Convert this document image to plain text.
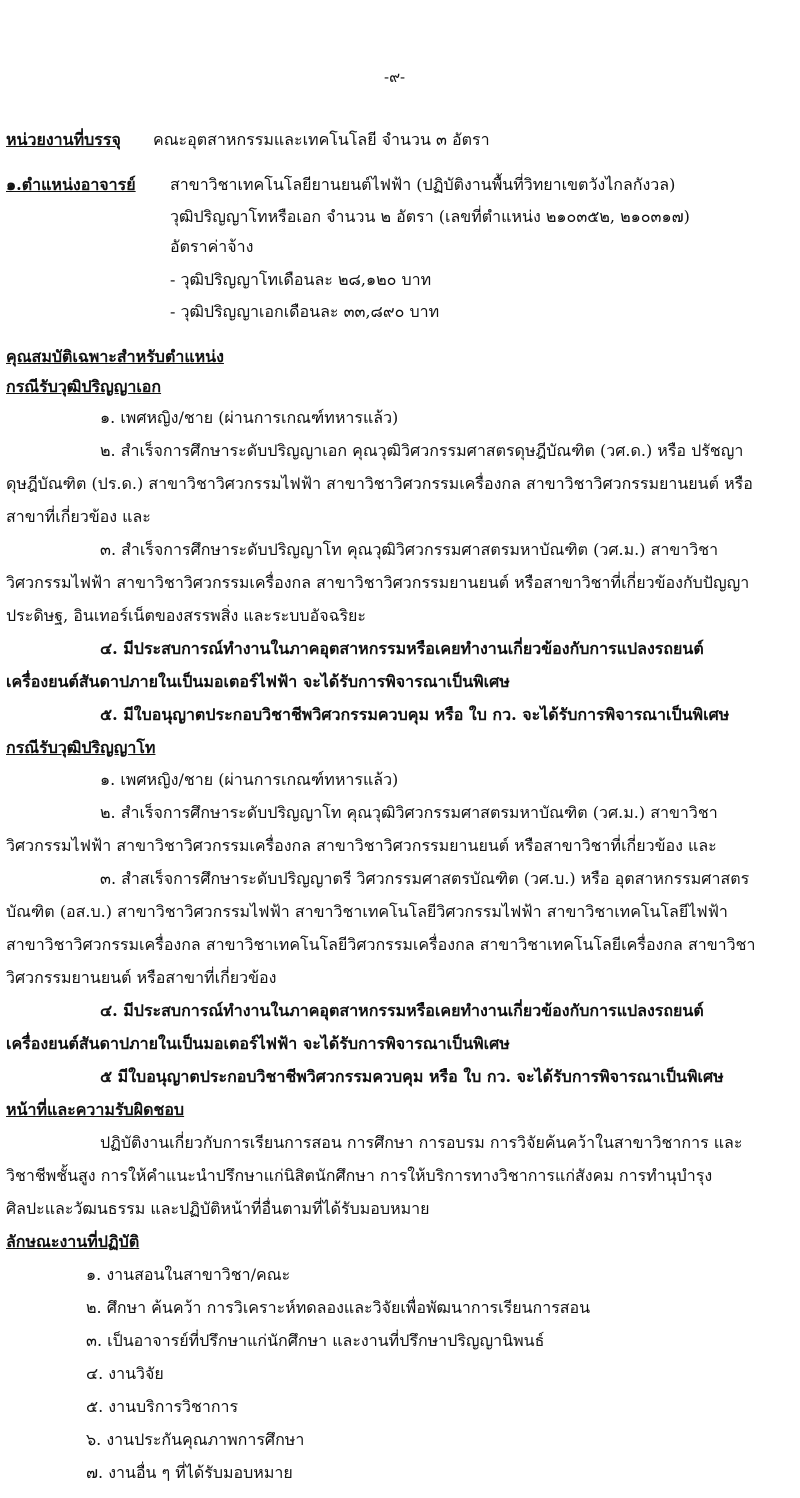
-๙-
หน่วยงานที่บรรจุ คณะอุตสาหกรรมและเทคโนโลยี จำนวน ๓ อัตรา
๑.ตำแหน่งอาจารย์ สาขาวิชาเทคโนโลยียานยนต์ไฟฟ้า (ปฏิบัติงานพื้นที่วิทยาเขตวังไกลกังวล)
วุฒิปริญญาโทหรือเอก จำนวน ๒ อัตรา (เลขที่ตำแหน่ง ๒๑๐๓๕๒, ๒๑๐๓๑๗)
อัตราค่าจ้าง
- วุฒิปริญญาโทเดือนละ ๒๘,๑๒๐ บาท
- วุฒิปริญญาเอกเดือนละ ๓๓,๘๙๐ บาท
คุณสมบัติเฉพาะสำหรับตำแหน่ง
กรณีรับวุฒิปริญญาเอก
๑. เพศหญิง/ชาย (ผ่านการเกณฑ์ทหารแล้ว)
๒. สำเร็จการศึกษาระดับปริญญาเอก คุณวุฒิวิศวกรรมศาสตรดุษฎีบัณฑิต (วศ.ด.) หรือ ปรัชญา
ดุษฎีบัณฑิต (ปร.ด.) สาขาวิชาวิศวกรรมไฟฟ้า สาขาวิชาวิศวกรรมเครื่องกล สาขาวิชาวิศวกรรมยานยนต์ หรือ
สาขาที่เกี่ยวข้อง และ
๓. สำเร็จการศึกษาระดับปริญญาโท คุณวุฒิวิศวกรรมศาสตรมหาบัณฑิต (วศ.ม.) สาขาวิชา
วิศวกรรมไฟฟ้า สาขาวิชาวิศวกรรมเครื่องกล สาขาวิชาวิศวกรรมยานยนต์ หรือสาขาวิชาที่เกี่ยวข้องกับปัญญา
ประดิษฐ, อินเทอร์เน็ตของสรรพสิ่ง และระบบอัจฉริยะ
๔. มีประสบการณ์ทำงานในภาคอุตสาหกรรมหรือเคยทำงานเกี่ยวข้องกับการแปลงรถยนต์
เครื่องยนต์สันดาปภายในเป็นมอเตอร์ไฟฟ้า จะได้รับการพิจารณาเป็นพิเศษ
๕. มีใบอนุญาตประกอบวิชาชีพวิศวกรรมควบคุม หรือ ใบ กว. จะได้รับการพิจารณาเป็นพิเศษ
กรณีรับวุฒิปริญญาโท
๑. เพศหญิง/ชาย (ผ่านการเกณฑ์ทหารแล้ว)
๒. สำเร็จการศึกษาระดับปริญญาโท คุณวุฒิวิศวกรรมศาสตรมหาบัณฑิต (วศ.ม.) สาขาวิชา
วิศวกรรมไฟฟ้า สาขาวิชาวิศวกรรมเครื่องกล สาขาวิชาวิศวกรรมยานยนต์ หรือสาขาวิชาที่เกี่ยวข้อง และ
๓. สำสเร็จการศึกษาระดับปริญญาตรี วิศวกรรมศาสตรบัณฑิต (วศ.บ.) หรือ อุตสาหกรรมศาสตร
บัณฑิต (อส.บ.) สาขาวิชาวิศวกรรมไฟฟ้า สาขาวิชาเทคโนโลยีวิศวกรรมไฟฟ้า สาขาวิชาเทคโนโลยีไฟฟ้า
สาขาวิชาวิศวกรรมเครื่องกล สาขาวิชาเทคโนโลยีวิศวกรรมเครื่องกล สาขาวิชาเทคโนโลยีเครื่องกล สาขาวิชา
วิศวกรรมยานยนต์ หรือสาขาที่เกี่ยวข้อง
๔. มีประสบการณ์ทำงานในภาคอุตสาหกรรมหรือเคยทำงานเกี่ยวข้องกับการแปลงรถยนต์
เครื่องยนต์สันดาปภายในเป็นมอเตอร์ไฟฟ้า จะได้รับการพิจารณาเป็นพิเศษ
๕ มีใบอนุญาตประกอบวิชาชีพวิศวกรรมควบคุม หรือ ใบ กว. จะได้รับการพิจารณาเป็นพิเศษ
หน้าที่และความรับผิดชอบ
ปฏิบัติงานเกี่ยวกับการเรียนการสอน การศึกษา การอบรม การวิจัยค้นคว้าในสาขาวิชาการ และ
วิชาชีพชั้นสูง การให้คำแนะนำปรึกษาแก่นิสิตนักศึกษา การให้บริการทางวิชาการแก่สังคม การทำนุบำรุง
ศิลปะและวัฒนธรรม และปฏิบัติหน้าที่อื่นตามที่ได้รับมอบหมาย
ลักษณะงานที่ปฏิบัติ
๑. งานสอนในสาขาวิชา/คณะ
๒. ศึกษา ค้นคว้า การวิเคราะห์ทดลองและวิจัยเพื่อพัฒนาการเรียนการสอน
๓. เป็นอาจารย์ที่ปรึกษาแก่นักศึกษา และงานที่ปรึกษาปริญญานิพนธ์
๔. งานวิจัย
๕. งานบริการวิชาการ
๖. งานประกันคุณภาพการศึกษา
๗. งานอื่น ๆ ที่ได้รับมอบหมาย
